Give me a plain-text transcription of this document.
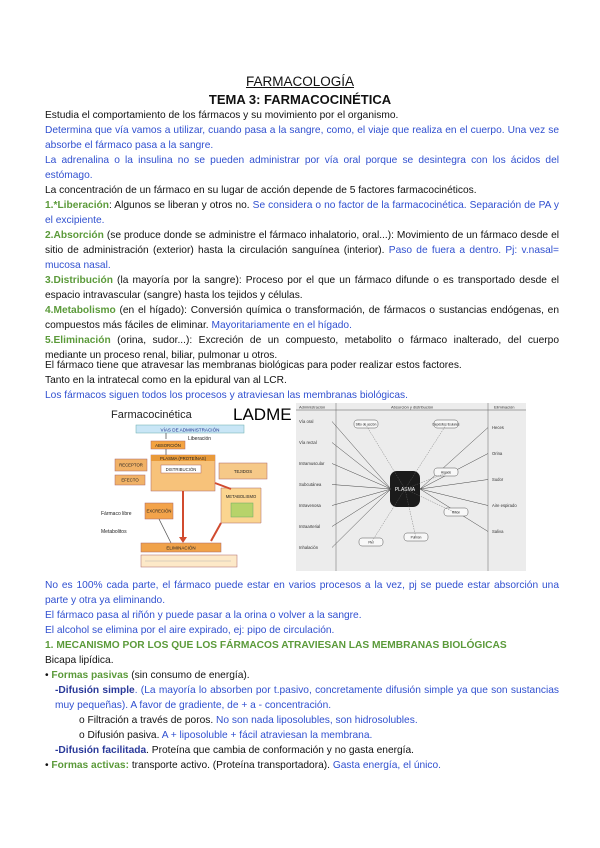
FARMACOLOGÍA
TEMA 3: FARMACOCINÉTICA
Estudia el comportamiento de los fármacos y su movimiento por el organismo.
Determina que vía vamos a utilizar, cuando pasa a la sangre, como, el viaje que realiza en el cuerpo. Una vez se absorbe el fármaco pasa a la sangre.
La adrenalina o la insulina no se pueden administrar por vía oral porque se desintegra con los ácidos del estómago.
La concentración de un fármaco en su lugar de acción depende de 5 factores farmacocinéticos.
1.*Liberación: Algunos se liberan y otros no. Se considera o no factor de la farmacocinética. Separación de PA y el excipiente.
2.Absorción (se produce donde se administre el fármaco inhalatorio, oral...): Movimiento de un fármaco desde el sitio de administración (exterior) hasta la circulación sanguínea (interior). Paso de fuera a dentro. Pj: v.nasal= mucosa nasal.
3.Distribución (la mayoría por la sangre): Proceso por el que un fármaco difunde o es transportado desde el espacio intravascular (sangre) hasta los tejidos y células.
4.Metabolismo (en el hígado): Conversión química o transformación, de fármacos o sustancias endógenas, en compuestos más fáciles de eliminar. Mayoritariamente en el hígado.
5.Eliminación (orina, sudor...): Excreción de un compuesto, metabolito o fármaco inalterado, del cuerpo mediante un proceso renal, biliar, pulmonar u otros.
El fármaco tiene que atravesar las membranas biológicas para poder realizar estos factores.
Tanto en la intratecal como en la epidural van al LCR.
Los fármacos siguen todos los procesos y atraviesan las membranas biológicas.
Farmacocinética LADME
VÍAS DE ADMINISTRACIÓN
Liberación
ABSORCIÓN
PLASMA (PROTEÍNAS)
DISTRIBUCIÓN
RECEPTOR
EFECTO
TEJIDOS
METABOLISMO
EXCRECIÓN
Fármaco libre
Metabolitos
ELIMINACIÓN
Administración	Absorción y distribución	Eliminación
PLASMA
Vía oral
Vía rectal
Intramuscular
Subcutánea
Intravenosa
Intraarterial
Inhalación
Heces
Orina
Sudor
Aire espirado
Saliva
Sitio de acción	Depósitos tisulares
Hígado
Riñón
Pulmón
Piel
No es 100% cada parte, el fármaco puede estar en varios procesos a la vez, pj se puede estar absorción una parte y otra ya eliminando.
El fármaco pasa al riñón y puede pasar a la orina o volver a la sangre.
El alcohol se elimina por el aire expirado, ej: pipo de circulación.
1. MECANISMO POR LOS QUE LOS FÁRMACOS ATRAVIESAN LAS MEMBRANAS BIOLÓGICAS
Bicapa lipídica.
• Formas pasivas (sin consumo de energía).
-Difusión simple. (La mayoría lo absorben por t.pasivo, concretamente difusión simple ya que son sustancias muy pequeñas). A favor de gradiente, de + a - concentración.
o Filtración a través de poros. No son nada liposolubles, son hidrosolubles.
o Difusión pasiva. A + liposoluble + fácil atraviesan la membrana.
-Difusión facilitada. Proteína que cambia de conformación y no gasta energía.
• Formas activas: transporte activo. (Proteína transportadora). Gasta energía, el único.
